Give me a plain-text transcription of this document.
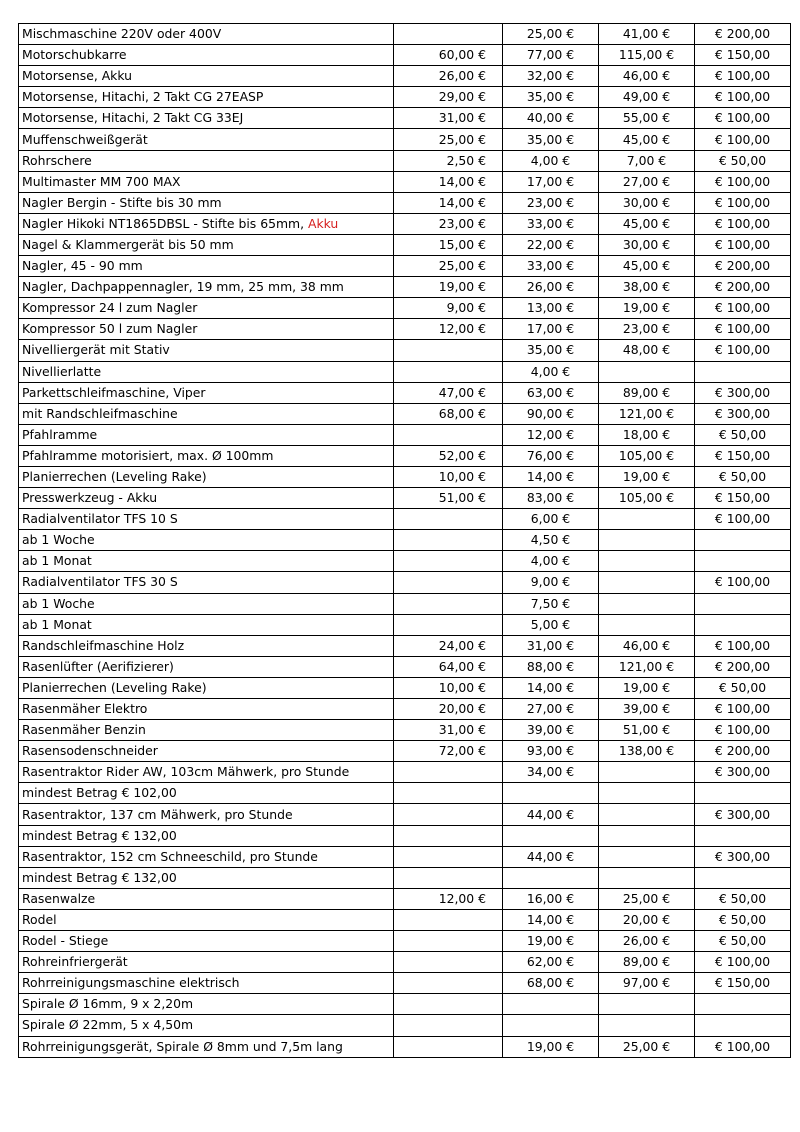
Mischmaschine 220V oder 400V		25,00 €	41,00 €	€ 200,00
Motorschubkarre	60,00 €	77,00 €	115,00 €	€ 150,00
Motorsense, Akku	26,00 €	32,00 €	46,00 €	€ 100,00
Motorsense, Hitachi, 2 Takt CG 27EASP	29,00 €	35,00 €	49,00 €	€ 100,00
Motorsense, Hitachi, 2 Takt CG 33EJ	31,00 €	40,00 €	55,00 €	€ 100,00
Muffenschweißgerät	25,00 €	35,00 €	45,00 €	€ 100,00
Rohrschere	2,50 €	4,00 €	7,00 €	€ 50,00
Multimaster MM 700 MAX	14,00 €	17,00 €	27,00 €	€ 100,00
Nagler Bergin - Stifte bis 30 mm	14,00 €	23,00 €	30,00 €	€ 100,00
Nagler Hikoki NT1865DBSL - Stifte bis 65mm, Akku	23,00 €	33,00 €	45,00 €	€ 100,00
Nagel & Klammergerät bis 50 mm	15,00 €	22,00 €	30,00 €	€ 100,00
Nagler, 45 - 90 mm	25,00 €	33,00 €	45,00 €	€ 200,00
Nagler, Dachpappennagler, 19 mm, 25 mm, 38 mm	19,00 €	26,00 €	38,00 €	€ 200,00
Kompressor 24 l zum Nagler	9,00 €	13,00 €	19,00 €	€ 100,00
Kompressor 50 l zum Nagler	12,00 €	17,00 €	23,00 €	€ 100,00
Nivelliergerät mit Stativ		35,00 €	48,00 €	€ 100,00
Nivellierlatte		4,00 €		
Parkettschleifmaschine, Viper	47,00 €	63,00 €	89,00 €	€ 300,00
mit Randschleifmaschine	68,00 €	90,00 €	121,00 €	€ 300,00
Pfahlramme		12,00 €	18,00 €	€ 50,00
Pfahlramme motorisiert, max. Ø 100mm	52,00 €	76,00 €	105,00 €	€ 150,00
Planierrechen (Leveling Rake)	10,00 €	14,00 €	19,00 €	€ 50,00
Presswerkzeug - Akku	51,00 €	83,00 €	105,00 €	€ 150,00
Radialventilator TFS 10 S		6,00 €		€ 100,00
ab 1 Woche		4,50 €		
ab 1 Monat		4,00 €		
Radialventilator TFS 30 S		9,00 €		€ 100,00
ab 1 Woche		7,50 €		
ab 1 Monat		5,00 €		
Randschleifmaschine Holz	24,00 €	31,00 €	46,00 €	€ 100,00
Rasenlüfter (Aerifizierer)	64,00 €	88,00 €	121,00 €	€ 200,00
Planierrechen (Leveling Rake)	10,00 €	14,00 €	19,00 €	€ 50,00
Rasenmäher Elektro	20,00 €	27,00 €	39,00 €	€ 100,00
Rasenmäher Benzin	31,00 €	39,00 €	51,00 €	€ 100,00
Rasensodenschneider	72,00 €	93,00 €	138,00 €	€ 200,00
Rasentraktor Rider AW, 103cm Mähwerk, pro Stunde		34,00 €		€ 300,00
mindest Betrag € 102,00				
Rasentraktor, 137 cm Mähwerk, pro Stunde		44,00 €		€ 300,00
mindest Betrag € 132,00				
Rasentraktor, 152 cm Schneeschild, pro Stunde		44,00 €		€ 300,00
mindest Betrag € 132,00				
Rasenwalze	12,00 €	16,00 €	25,00 €	€ 50,00
Rodel		14,00 €	20,00 €	€ 50,00
Rodel - Stiege		19,00 €	26,00 €	€ 50,00
Rohreinfriergerät		62,00 €	89,00 €	€ 100,00
Rohrreinigungsmaschine elektrisch		68,00 €	97,00 €	€ 150,00
Spirale Ø 16mm, 9 x 2,20m				
Spirale Ø 22mm, 5 x 4,50m				
Rohrreinigungsgerät, Spirale Ø 8mm und 7,5m lang		19,00 €	25,00 €	€ 100,00
